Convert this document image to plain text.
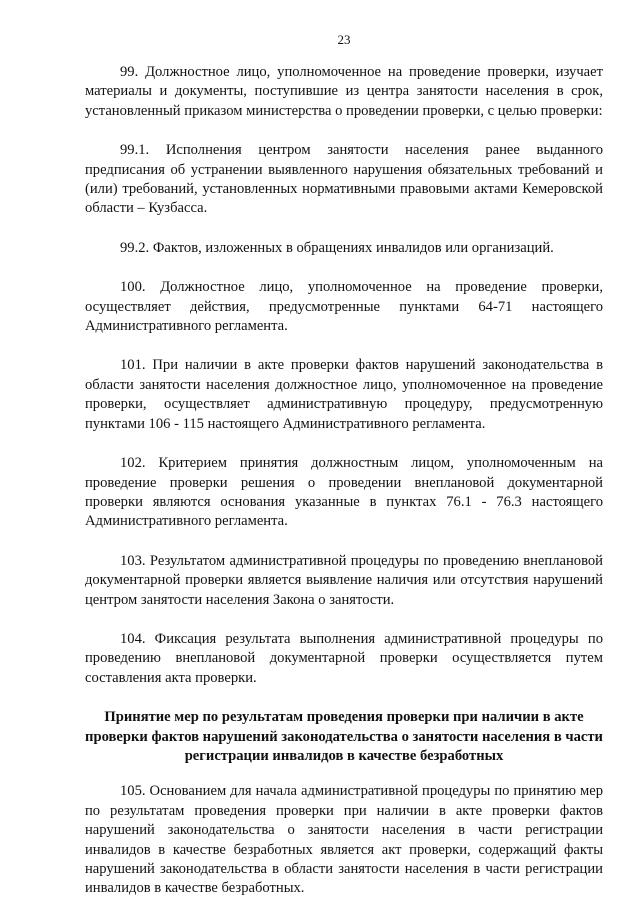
23

99. Должностное лицо, уполномоченное на проведение проверки, изучает материалы и документы, поступившие из центра занятости населения в срок, установленный приказом министерства о проведении проверки, с целью проверки:

99.1. Исполнения центром занятости населения ранее выданного предписания об устранении выявленного нарушения обязательных требований и (или) требований, установленных нормативными правовыми актами Кемеровской области – Кузбасса.

99.2. Фактов, изложенных в обращениях инвалидов или организаций.

100. Должностное лицо, уполномоченное на проведение проверки, осуществляет действия, предусмотренные пунктами 64-71 настоящего Административного регламента.

101. При наличии в акте проверки фактов нарушений законодательства в области занятости населения должностное лицо, уполномоченное на проведение проверки, осуществляет административную процедуру, предусмотренную пунктами 106 - 115 настоящего Административного регламента.

102. Критерием принятия должностным лицом, уполномоченным на проведение проверки решения о проведении внеплановой документарной проверки являются основания указанные в пунктах 76.1 - 76.3 настоящего Административного регламента.

103. Результатом административной процедуры по проведению внеплановой документарной проверки является выявление наличия или отсутствия нарушений центром занятости населения Закона о занятости.

104. Фиксация результата выполнения административной процедуры по проведению внеплановой документарной проверки осуществляется путем составления акта проверки.

Принятие мер по результатам проведения проверки при наличии в акте проверки фактов нарушений законодательства о занятости населения в части регистрации инвалидов в качестве безработных

105. Основанием для начала административной процедуры по принятию мер по результатам проведения проверки при наличии в акте проверки фактов нарушений законодательства о занятости населения в части регистрации инвалидов в качестве безработных является акт проверки, содержащий факты нарушений законодательства в области занятости населения в части регистрации инвалидов в качестве безработных.
